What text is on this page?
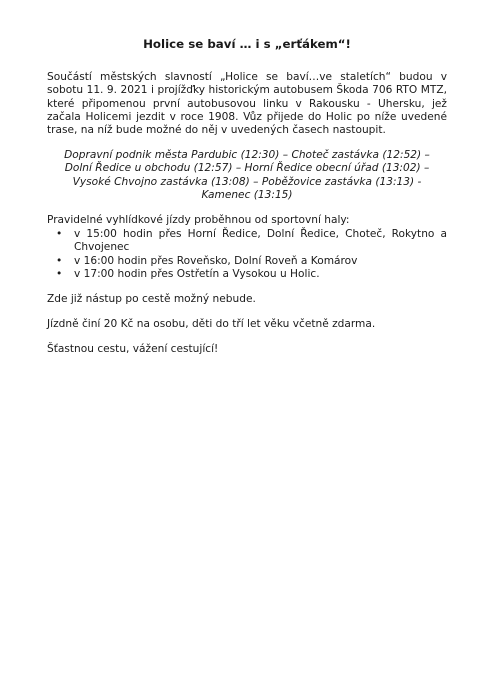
Holice se baví … i s „erťákem“!

Součástí městských slavností „Holice se baví…ve staletích“ budou v sobotu 11. 9. 2021 i projížďky historickým autobusem Škoda 706 RTO MTZ, které připomenou první autobusovou linku v Rakousku - Uhersku, jež začala Holicemi jezdit v roce 1908. Vůz přijede do Holic po níže uvedené trase, na níž bude možné do něj v uvedených časech nastoupit.

Dopravní podnik města Pardubic (12:30) – Choteč zastávka (12:52) –
Dolní Ředice u obchodu (12:57) – Horní Ředice obecní úřad (13:02) –
Vysoké Chvojno zastávka (13:08) – Poběžovice zastávka (13:13) -
Kamenec (13:15)

Pravidelné vyhlídkové jízdy proběhnou od sportovní haly:

• v 15:00 hodin přes Horní Ředice, Dolní Ředice, Choteč, Rokytno a Chvojenec
• v 16:00 hodin přes Roveňsko, Dolní Roveň a Komárov
• v 17:00 hodin přes Ostřetín a Vysokou u Holic.

Zde již nástup po cestě možný nebude.

Jízdně činí 20 Kč na osobu, děti do tří let věku včetně zdarma.

Šťastnou cestu, vážení cestující!
